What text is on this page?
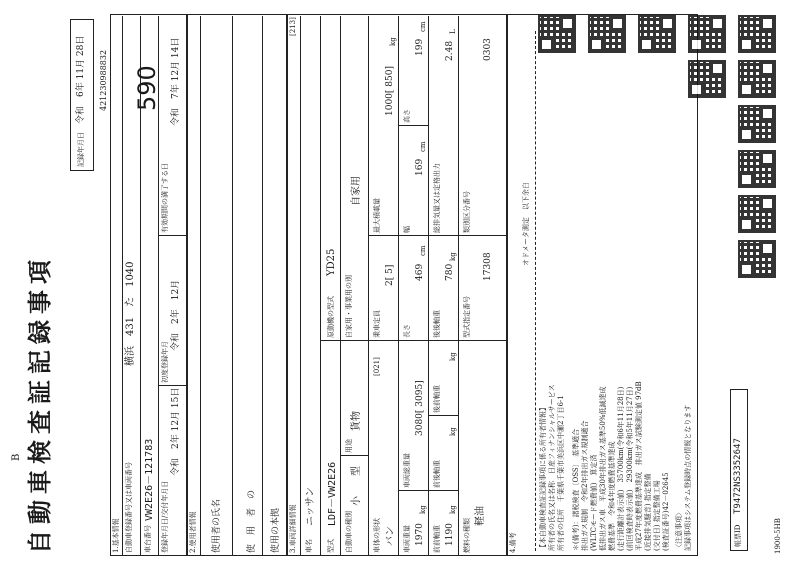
自動車検査証記録事項
B
記録年月日
令和　6年 11月 28日 421230988832
1.基本情報 自動車登録番号又は車両番号
横浜　431　た　1040
車台番号
VW2E26－121783 登録年月日/交付年月日
令和　2年 12月 15日
初度登録年月
令和　2年　12月
有効期間の満了する日
令和　7年 12月 14日
2.使用者情報 使用者の氏名	使　用　者　の 使用の本拠 3.車両詳細情報
[213]
車名
ニッサン
型式
LDF－VW2E26
原動機の型式
YD25
自動車の種別
小　　型
用途
貨物
自家用・事業用の別
自家用
車体の形状 バン
[021]
乗車定員
2[ 5]
最大積載量
1000[ 850]
kg
車両重量 1970
kg
車両総重量
3080[ 3095]
長さ
469
cm
幅
169
cm
高さ
199
cm
前前軸重 1190
kg
前後軸重
kg
後前軸重
kg
後後軸重
780
kg
総排気量又は定格出力
2.48
L
燃料の種類
軽油
型式指定番号
17308
類別区分番号
0303
4.備考
オドメータ測定　以下余白
【本自動車検査証記録事項に係る所有者情報】 所有者の氏名又は名称　日産フィナンシャルサービス 所有者の住所　千葉県千葉市美浜区中瀬2丁目6-1 ＊(備考)：諸税検査〔OSS〕　基準適合 排出ガス規制　令和2年排出ガス規制適合 (WLTCモード燃費値)　算定済 低排出ガス車　平成30年排出ガス基準50%低減達成 燃費基準　令和4年度燃費基準達成 (走行距離計表示値)　35700km(令和6年11月28日) (前回検査時表示値)　29300km(令和5年11月27日) 平成27年度燃費基準達成　排出ガス試験測定値 97dB (近接排気騒音) 指定整備 (交付日) 指定整備工場 (検査証番号)42－02645 〈注意事項〉 記録事項はシステム登録時点の情報となります	帳票ID
T9472NS3352647
1900-5HB
590
